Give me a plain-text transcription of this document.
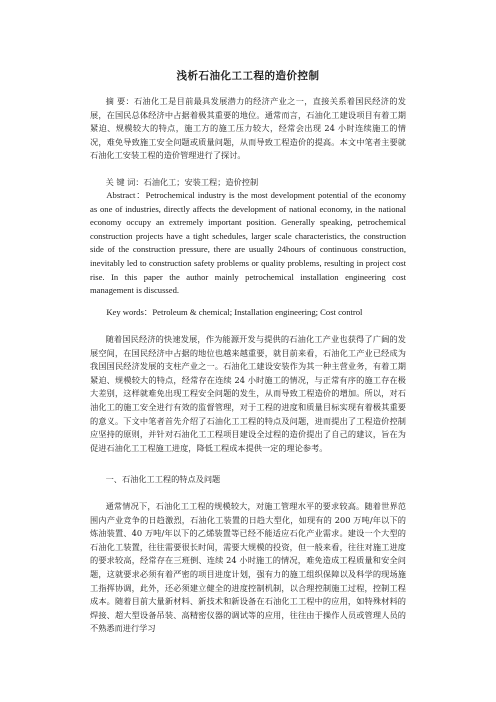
浅析石油化工工程的造价控制
摘 要：石油化工是目前最具发展潜力的经济产业之一，直接关系着国民经济的发展，在国民总体经济中占据着极其重要的地位。通常而言，石油化工建设项目有着工期紧迫、规模较大的特点，施工方的施工压力较大，经常会出现 24 小时连续施工的情况，难免导致施工安全问题或质量问题，从而导致工程造价的提高。本文中笔者主要就石油化工安装工程的造价管理进行了探讨。
关 键 词：石油化工；安装工程；造价控制
Abstract：Petrochemical industry is the most development potential of the economy as one of industries, directly affects the development of national economy, in the national economy occupy an extremely important position. Generally speaking, petrochemical construction projects have a tight schedules, larger scale characteristics, the construction side of the construction pressure, there are usually 24hours of continuous construction, inevitably led to construction safety problems or quality problems, resulting in project cost rise. In this paper the author mainly petrochemical installation engineering cost management is discussed.
Key words：Petroleum & chemical; Installation engineering; Cost control
随着国民经济的快速发展，作为能源开发与提供的石油化工产业也获得了广阔的发展空间，在国民经济中占据的地位也越来越重要，就目前来看，石油化工产业已经成为我国国民经济发展的支柱产业之一。石油化工建设安装作为其一种主营业务，有着工期紧迫、规模较大的特点，经常存在连续 24 小时施工的情况，与正常有序的施工存在极大差别，这样就难免出现工程安全问题的发生，从而导致工程造价的增加。所以，对石油化工的施工安全进行有效的监督管理，对于工程的进度和质量目标实现有着极其重要的意义。下文中笔者首先介绍了石油化工工程的特点及问题，进而提出了工程造价控制应坚持的原则，并针对石油化工工程项目建设全过程的造价提出了自己的建议，旨在为促进石油化工工程施工进度，降低工程成本提供一定的理论参考。
一、石油化工工程的特点及问题
通常情况下，石油化工工程的规模较大，对施工管理水平的要求较高。随着世界范围内产业竞争的日趋激烈，石油化工装置的日趋大型化，如现有的 200 万吨/年以下的炼油装置、40 万吨/年以下的乙烯装置等已经不能适应石化产业需求。建设一个大型的石油化工装置，往往需要很长时间，需要大规模的投资，但一般来看，往往对施工进度的要求较高，经常存在三班倒、连续 24 小时施工的情况，难免造成工程质量和安全问题，这就要求必须有着严密的项目进度计划，强有力的施工组织保障以及科学的现场施工指挥协调，此外，还必须建立健全的进度控制机制，以合理控制施工过程，控制工程成本。随着目前大量新材料、新技术和新设备在石油化工工程中的应用，如特殊材料的焊接、超大型设备吊装、高精密仪器的调试等的应用，往往由于操作人员或管理人员的不熟悉而进行学习
